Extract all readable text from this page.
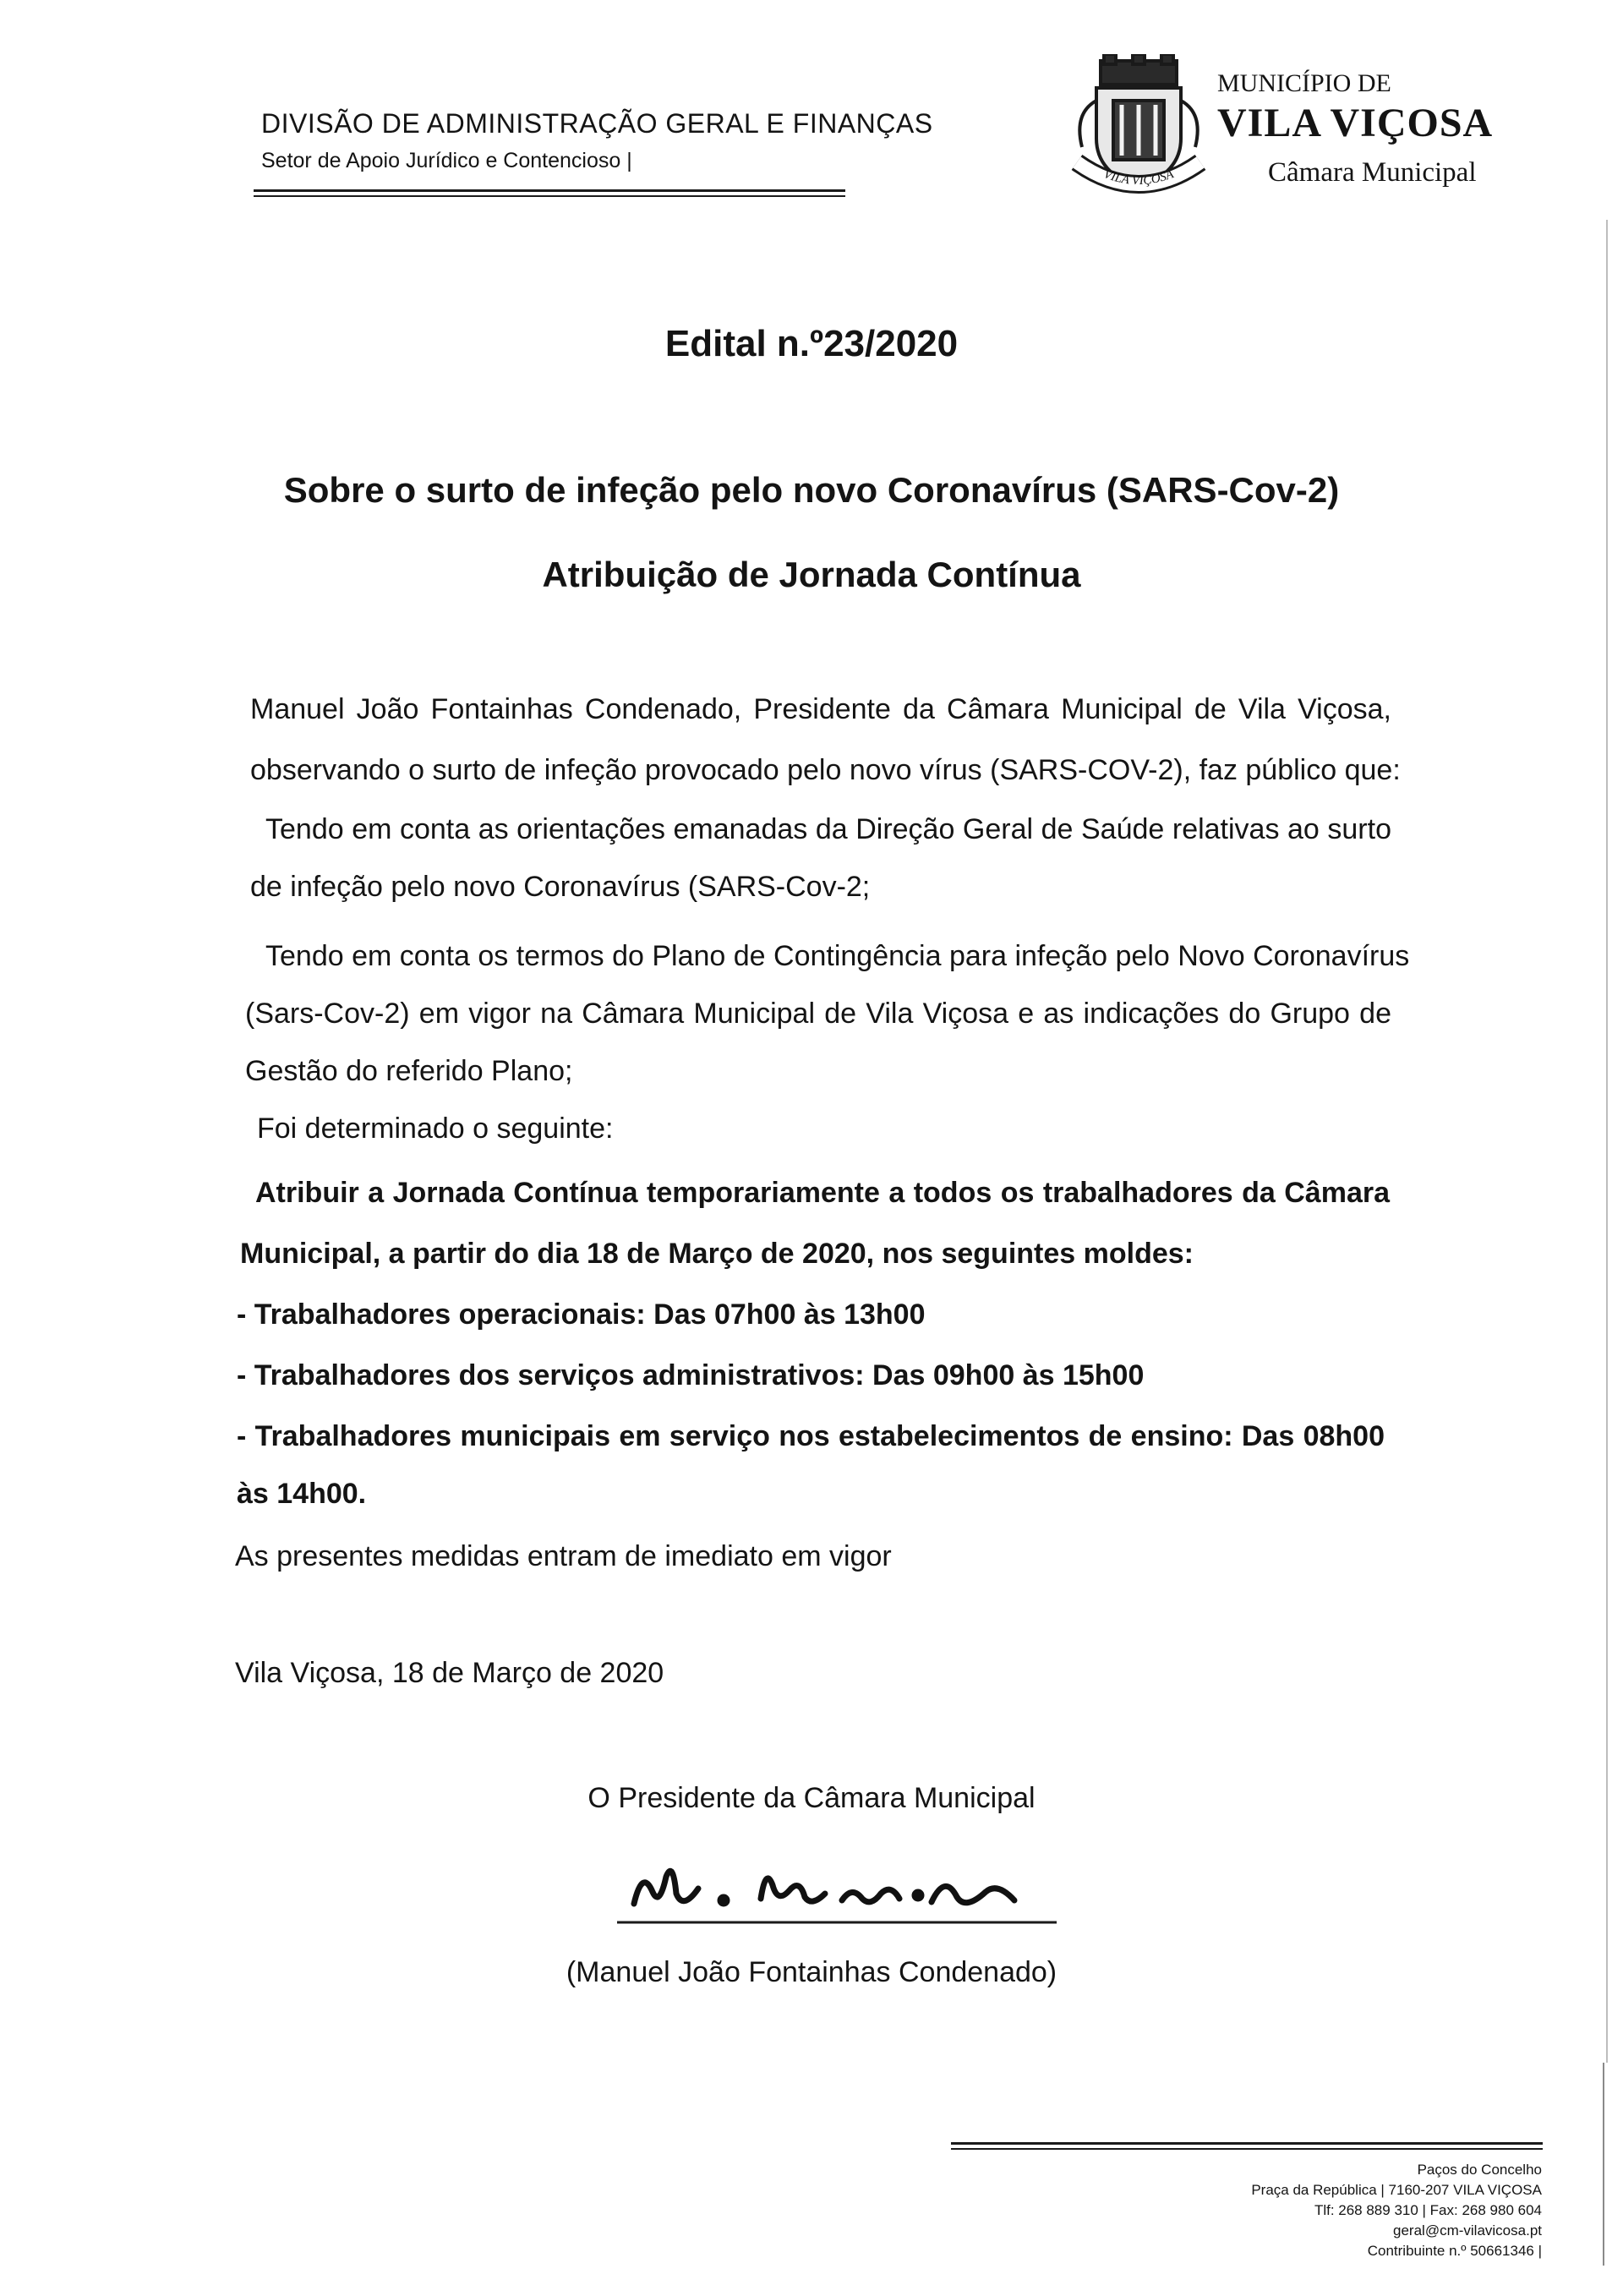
DIVISÃO DE ADMINISTRAÇÃO GERAL E FINANÇAS
Setor de Apoio Jurídico e Contencioso |
VILA VIÇOSA
MUNICÍPIO DE
VILA VIÇOSA
Câmara Municipal
Edital n.º23/2020
Sobre o surto de infeção pelo novo Coronavírus (SARS-Cov-2)
Atribuição de Jornada Contínua
Manuel João Fontainhas Condenado, Presidente da Câmara Municipal de Vila Viçosa,
observando o surto de infeção provocado pelo novo vírus (SARS-COV-2), faz público que:
Tendo em conta as orientações emanadas da Direção Geral de Saúde relativas ao surto
de infeção pelo novo Coronavírus (SARS-Cov-2;
Tendo em conta os termos do Plano de Contingência para infeção pelo Novo Coronavírus
(Sars-Cov-2) em vigor na Câmara Municipal de Vila Viçosa e as indicações do Grupo de
Gestão do referido Plano;
Foi determinado o seguinte:
Atribuir a Jornada Contínua temporariamente a todos os trabalhadores da Câmara
Municipal, a partir do dia 18 de Março de 2020, nos seguintes moldes:
- Trabalhadores operacionais: Das 07h00 às 13h00
- Trabalhadores dos serviços administrativos: Das 09h00 às 15h00
- Trabalhadores municipais em serviço nos estabelecimentos de ensino: Das 08h00
às 14h00.
As presentes medidas entram de imediato em vigor
Vila Viçosa, 18 de Março de 2020
O Presidente da Câmara Municipal
(Manuel João Fontainhas Condenado)
Paços do Concelho
Praça da República | 7160-207 VILA VIÇOSA
Tlf: 268 889 310 | Fax: 268 980 604
geral@cm-vilavicosa.pt
Contribuinte n.º 50661346 |
